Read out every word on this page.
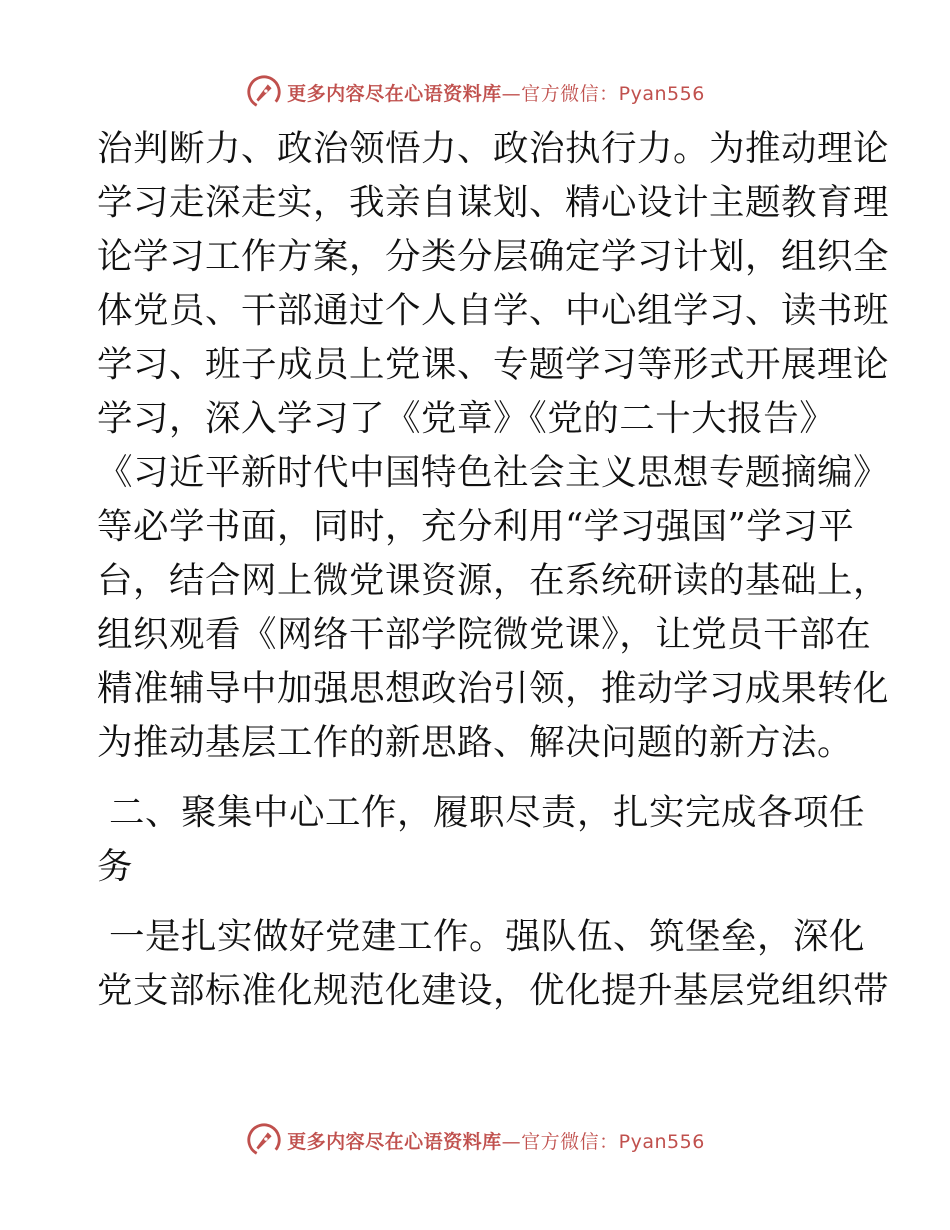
更多内容尽在心语资料库—官方微信：Pyan556
治判断力、政治领悟力、政治执行力。为推动理论
学习走深走实，我亲自谋划、精心设计主题教育理
论学习工作方案，分类分层确定学习计划，组织全
体党员、干部通过个人自学、中心组学习、读书班
学习、班子成员上党课、专题学习等形式开展理论
学习，深入学习了《党章》《党的二十大报告》
《习近平新时代中国特色社会主义思想专题摘编》
等必学书面，同时，充分利用“学习强国”学习平
台，结合网上微党课资源，在系统研读的基础上，
组织观看《网络干部学院微党课》，让党员干部在
精准辅导中加强思想政治引领，推动学习成果转化
为推动基层工作的新思路、解决问题的新方法。
二、聚集中心工作，履职尽责，扎实完成各项任
务
一是扎实做好党建工作。强队伍、筑堡垒，深化
党支部标准化规范化建设，优化提升基层党组织带
更多内容尽在心语资料库—官方微信：Pyan556
